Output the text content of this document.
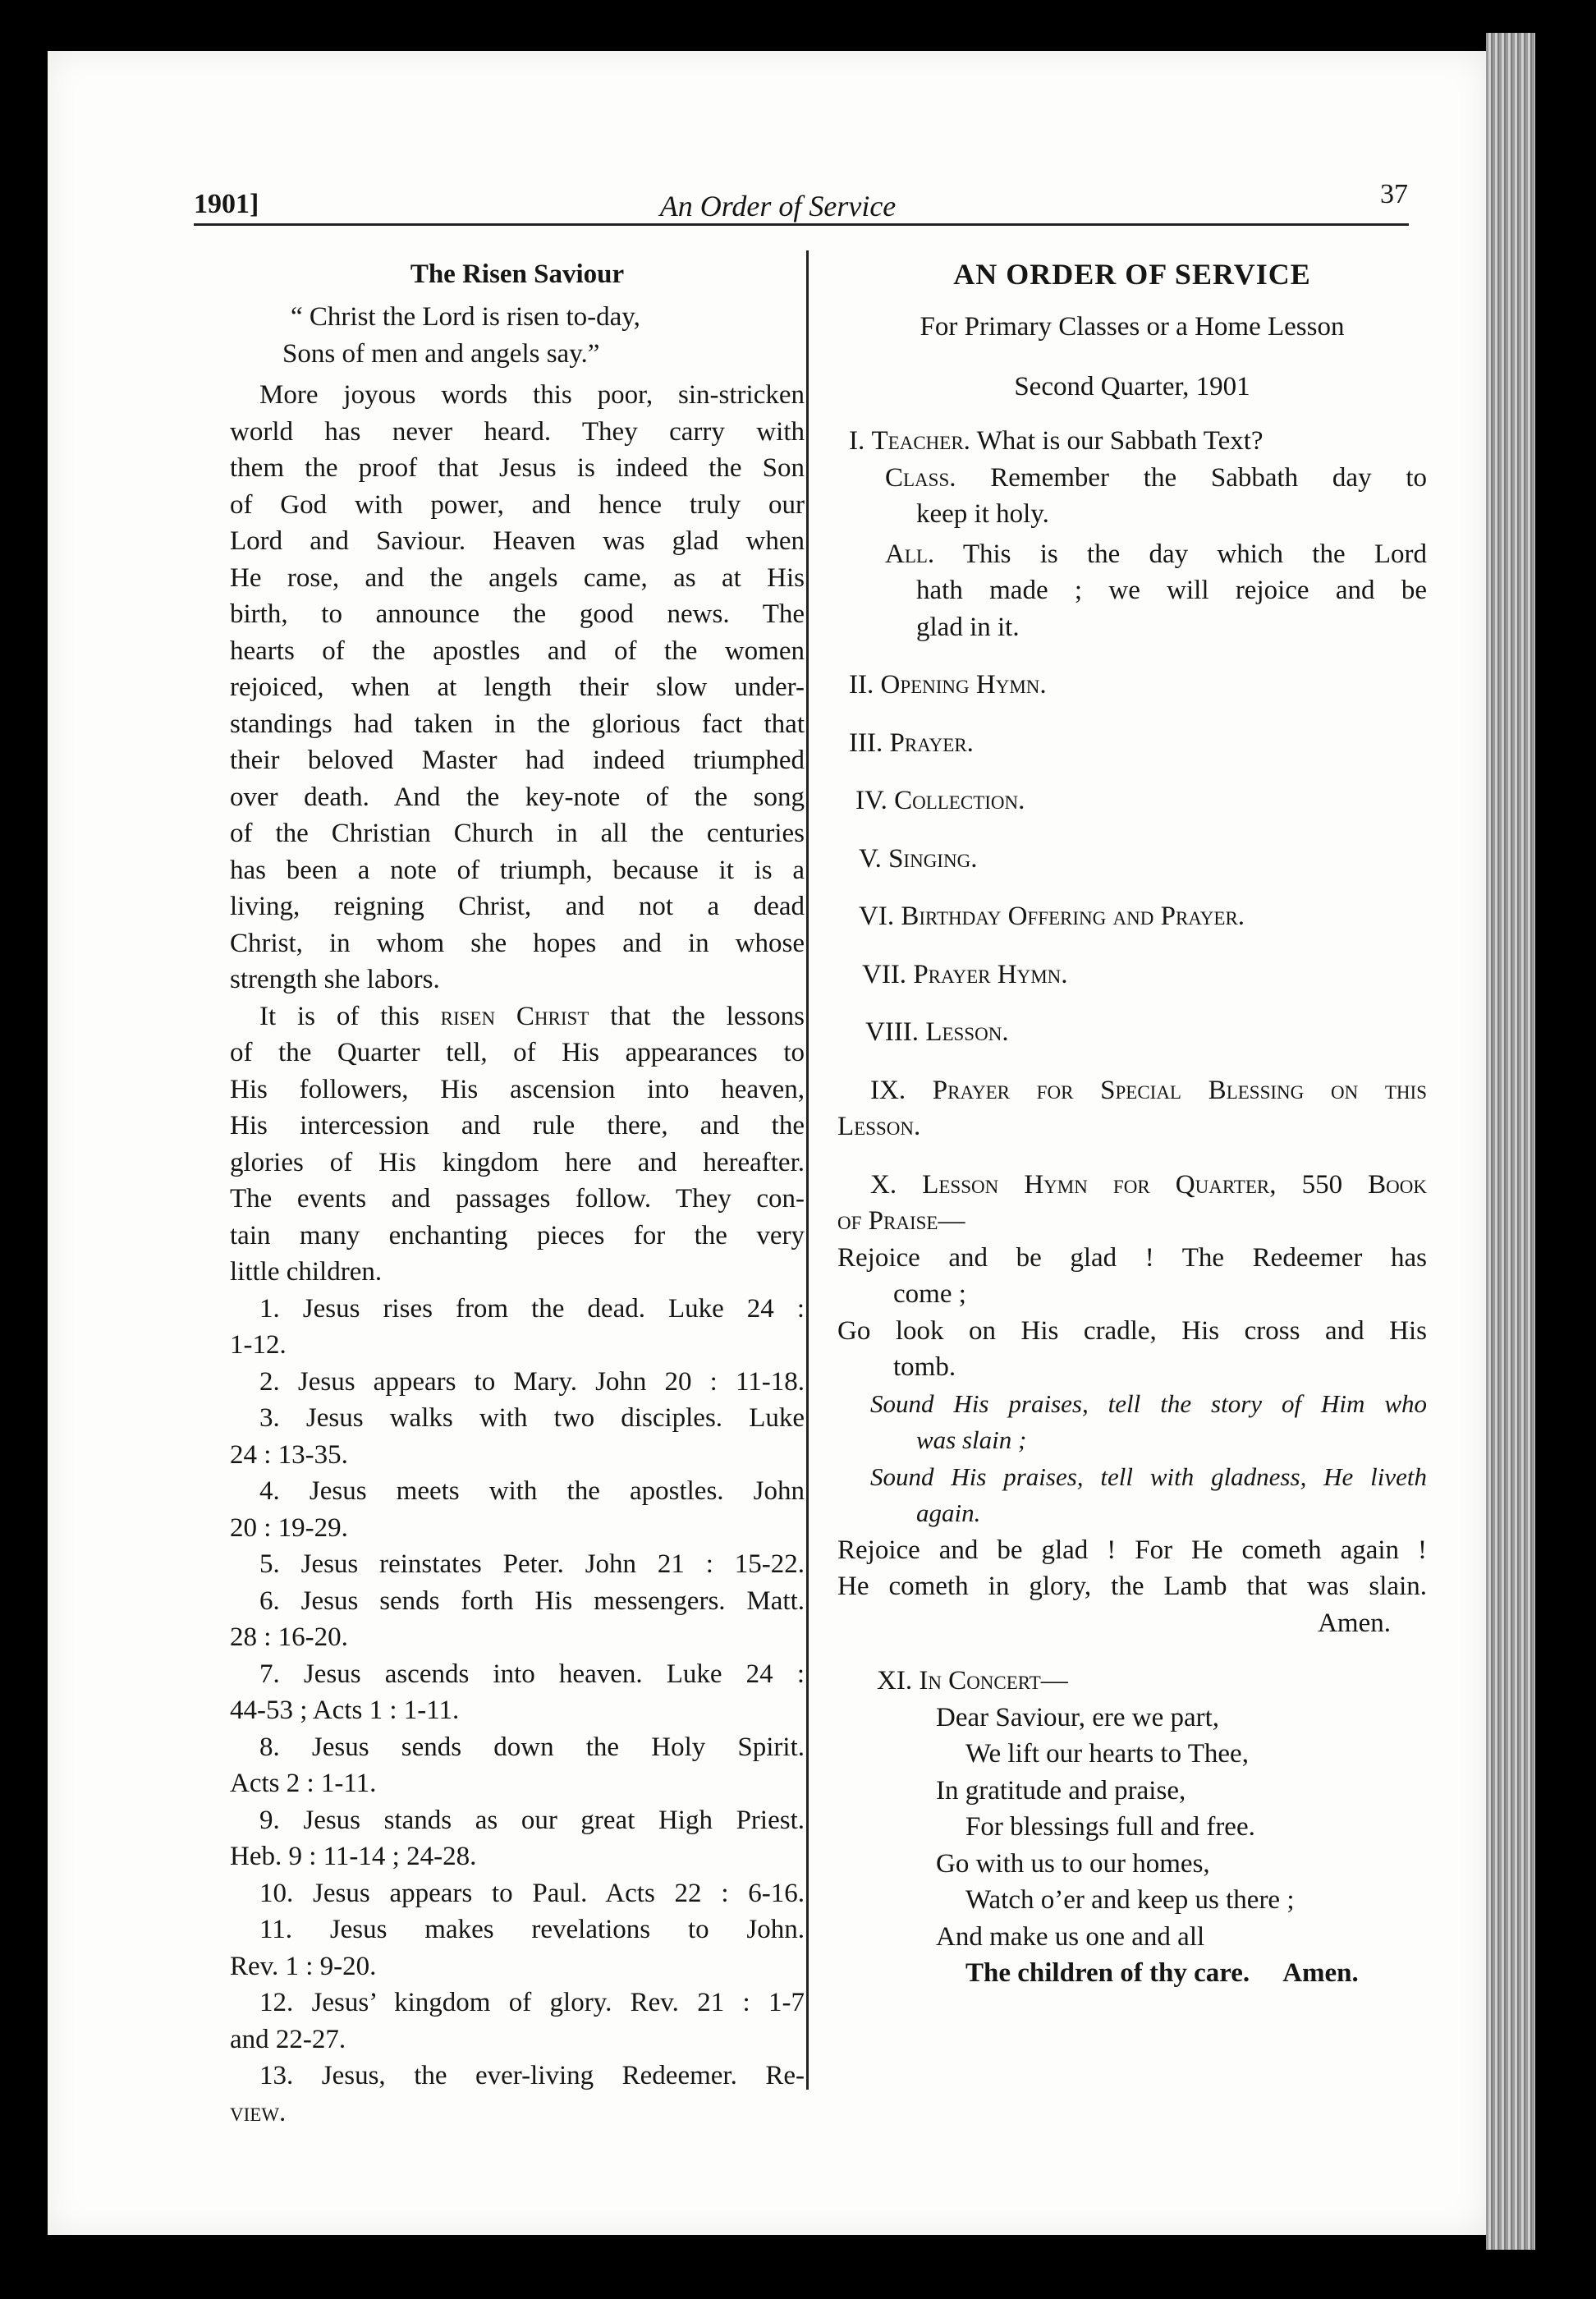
1901]	An Order of Service	37
The Risen Saviour

“ Christ the Lord is risen to-day,

Sons of men and angels say.”

More joyous words this poor, sin-stricken

world has never heard. They carry with

them the proof that Jesus is indeed the Son

of God with power, and hence truly our

Lord and Saviour. Heaven was glad when

He rose, and the angels came, as at His

birth, to announce the good news. The

hearts of the apostles and of the women

rejoiced, when at length their slow under-

standings had taken in the glorious fact that

their beloved Master had indeed triumphed

over death. And the key-note of the song

of the Christian Church in all the centuries

has been a note of triumph, because it is a

living, reigning Christ, and not a dead

Christ, in whom she hopes and in whose

strength she labors.

It is of this risen Christ that the lessons

of the Quarter tell, of His appearances to

His followers, His ascension into heaven,

His intercession and rule there, and the

glories of His kingdom here and hereafter.

The events and passages follow. They con-

tain many enchanting pieces for the very

little children.

1. Jesus rises from the dead. Luke 24 :

1-12.

2. Jesus appears to Mary. John 20 : 11-18.

3. Jesus walks with two disciples. Luke

24 : 13-35.

4. Jesus meets with the apostles. John

20 : 19-29.

5. Jesus reinstates Peter. John 21 : 15-22.

6. Jesus sends forth His messengers. Matt.

28 : 16-20.

7. Jesus ascends into heaven. Luke 24 :

44-53 ; Acts 1 : 1-11.

8. Jesus sends down the Holy Spirit.

Acts 2 : 1-11.

9. Jesus stands as our great High Priest.

Heb. 9 : 11-14 ; 24-28.

10. Jesus appears to Paul. Acts 22 : 6-16.

11. Jesus makes revelations to John.

Rev. 1 : 9-20.

12. Jesus’ kingdom of glory. Rev. 21 : 1-7

and 22-27.

13. Jesus, the ever-living Redeemer. Re-

view.

AN ORDER OF SERVICE

For Primary Classes or a Home Lesson

Second Quarter, 1901

I. Teacher. What is our Sabbath Text?

Class. Remember the Sabbath day to

keep it holy.

All. This is the day which the Lord

hath made ; we will rejoice and be

glad in it.

II. Opening Hymn.

III. Prayer.

IV. Collection.

V. Singing.

VI. Birthday Offering and Prayer.

VII. Prayer Hymn.

VIII. Lesson.

IX. Prayer for Special Blessing on this

Lesson.

X. Lesson Hymn for Quarter, 550 Book

of Praise—

Rejoice and be glad ! The Redeemer has

come ;

Go look on His cradle, His cross and His

tomb.

Sound His praises, tell the story of Him who

was slain ;

Sound His praises, tell with gladness, He liveth

again.

Rejoice and be glad ! For He cometh again !

He cometh in glory, the Lamb that was slain.

Amen.

XI. In Concert—

Dear Saviour, ere we part,

We lift our hearts to Thee,

In gratitude and praise,

For blessings full and free.

Go with us to our homes,

Watch o’er and keep us there ;

And make us one and all

The children of thy care. Amen.
